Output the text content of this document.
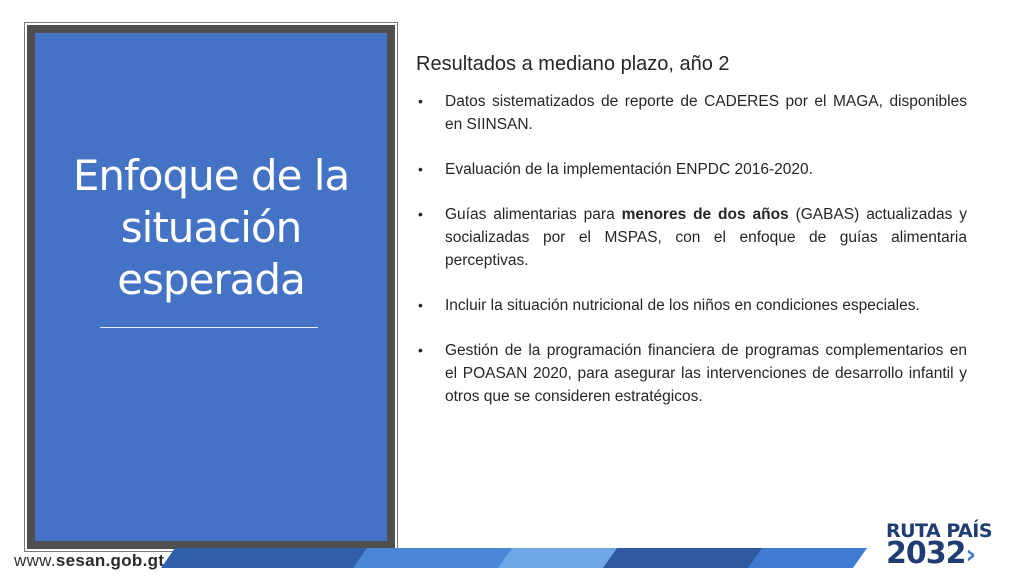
Enfoque de la
situación
esperada
Resultados a mediano plazo, año 2
• Datos sistematizados de reporte de CADERES por el MAGA, disponibles en SIINSAN.
• Evaluación de la implementación ENPDC 2016-2020.
• Guías alimentarias para menores de dos años (GABAS) actualizadas y socializadas por el MSPAS, con el enfoque de guías alimentaria perceptivas.
• Incluir la situación nutricional de los niños en condiciones especiales.
• Gestión de la programación financiera de programas complementarios en el POASAN 2020, para asegurar las intervenciones de desarrollo infantil y otros que se consideren estratégicos.
www.sesan.gob.gt
RUTA PAÍS
2032›
